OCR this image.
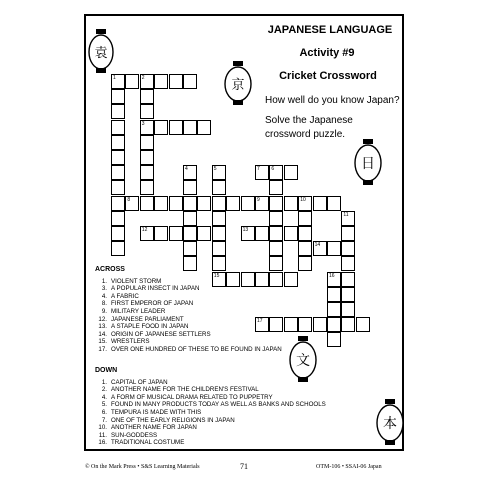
JAPANESE LANGUAGE
Activity #9
Cricket Crossword
How well do you know Japan?
Solve the Japanese crossword puzzle.
袁
京
日
文
本
1	2
3
7 6
8	9	10
12	13
14
15
17
4	5
11
16
ACROSS
1. VIOLENT STORM
3. A POPULAR INSECT IN JAPAN
4. A FABRIC
8. FIRST EMPEROR OF JAPAN
9. MILITARY LEADER
12. JAPANESE PARLIAMENT
13. A STAPLE FOOD IN JAPAN
14. ORIGIN OF JAPANESE SETTLERS
15. WRESTLERS
17. OVER ONE HUNDRED OF THESE TO BE FOUND IN JAPAN
DOWN
1. CAPITAL OF JAPAN
2. ANOTHER NAME FOR THE CHILDREN'S FESTIVAL
4. A FORM OF MUSICAL DRAMA RELATED TO PUPPETRY
5. FOUND IN MANY PRODUCTS TODAY AS WELL AS BANKS AND SCHOOLS
6. TEMPURA IS MADE WITH THIS
7. ONE OF THE EARLY RELIGIONS IN JAPAN
10. ANOTHER NAME FOR JAPAN
11. SUN-GODDESS
16. TRADITIONAL COSTUME
© On the Mark Press • S&S Learning Materials	71	OTM-106 • SSAI-06 Japan
